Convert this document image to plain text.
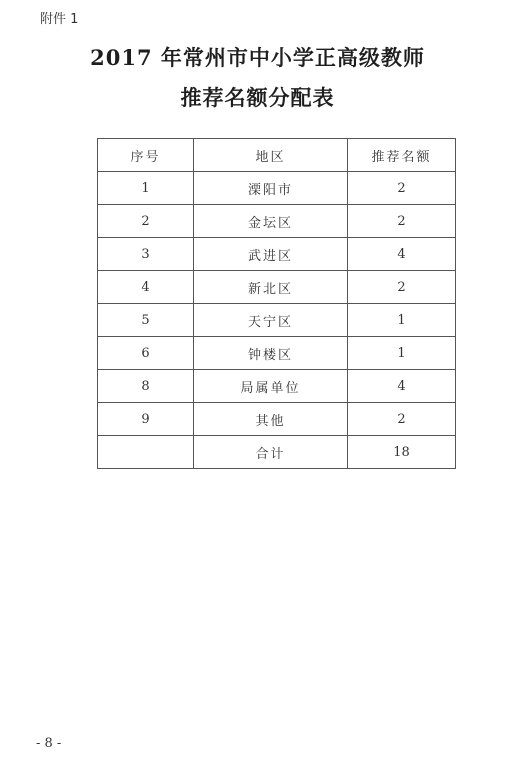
附件 1
2017 年常州市中小学正高级教师
推荐名额分配表
序号	地区	推荐名额
1	溧阳市	2
2	金坛区	2
3	武进区	4
4	新北区	2
5	天宁区	1
6	钟楼区	1
8	局属单位	4
9	其他	2
	合计	18
- 8 -
